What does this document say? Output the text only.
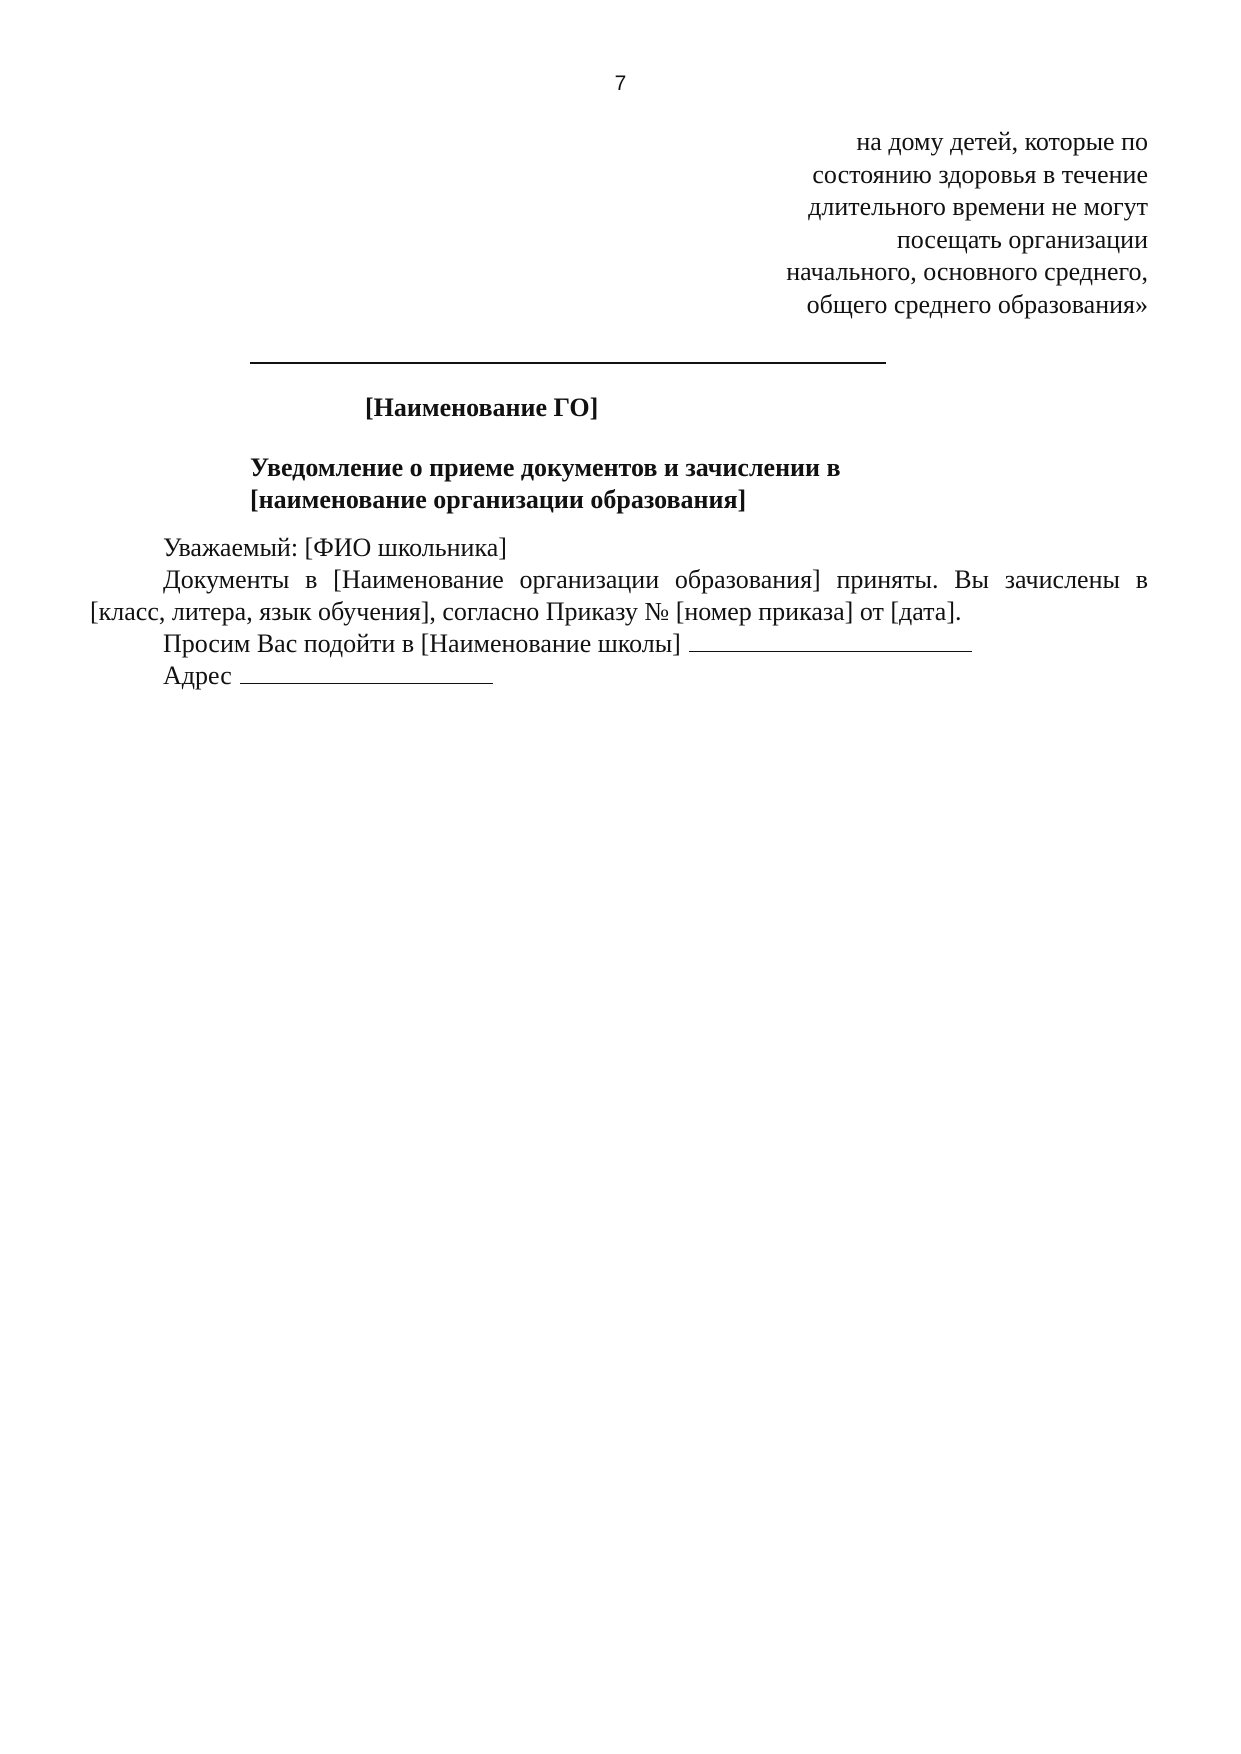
7
на дому детей, которые по
состоянию здоровья в течение
длительного времени не могут
посещать организации
начального, основного среднего,
общего среднего образования»
[Наименование ГО]
Уведомление о приеме документов и зачислении в
[наименование организации образования]
Уважаемый: [ФИО школьника]
Документы в [Наименование организации образования] приняты. Вы зачислены в
[класс, литера, язык обучения], согласно Приказу № [номер приказа] от [дата].
Просим Вас подойти в [Наименование школы]
Адрес
